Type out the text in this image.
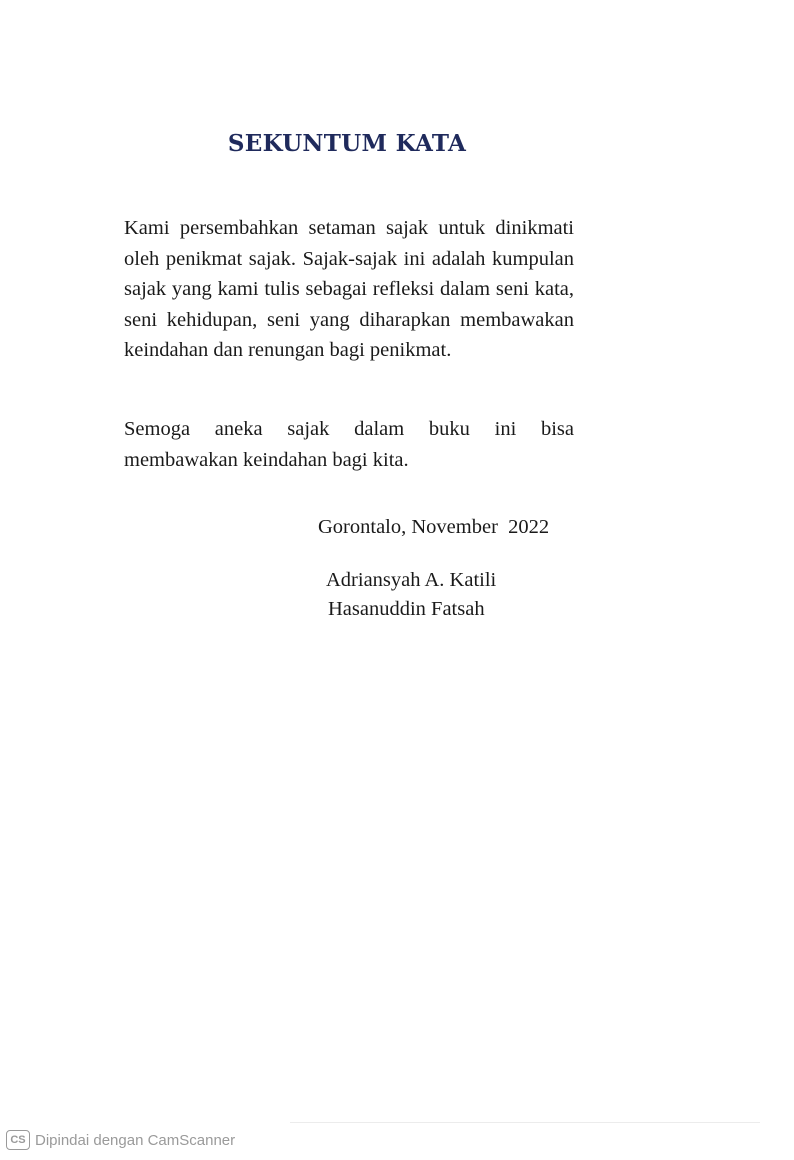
SEKUNTUM KATA

Kami persembahkan setaman sajak untuk dinikmati oleh penikmat sajak. Sajak-sajak ini adalah kumpulan sajak yang kami tulis sebagai refleksi dalam seni kata, seni kehidupan, seni yang diharapkan membawakan keindahan dan renungan bagi penikmat.

Semoga aneka sajak dalam buku ini bisa membawakan keindahan bagi kita.

Gorontalo, November  2022

Adriansyah A. Katili
Hasanuddin Fatsah
CS Dipindai dengan CamScanner
